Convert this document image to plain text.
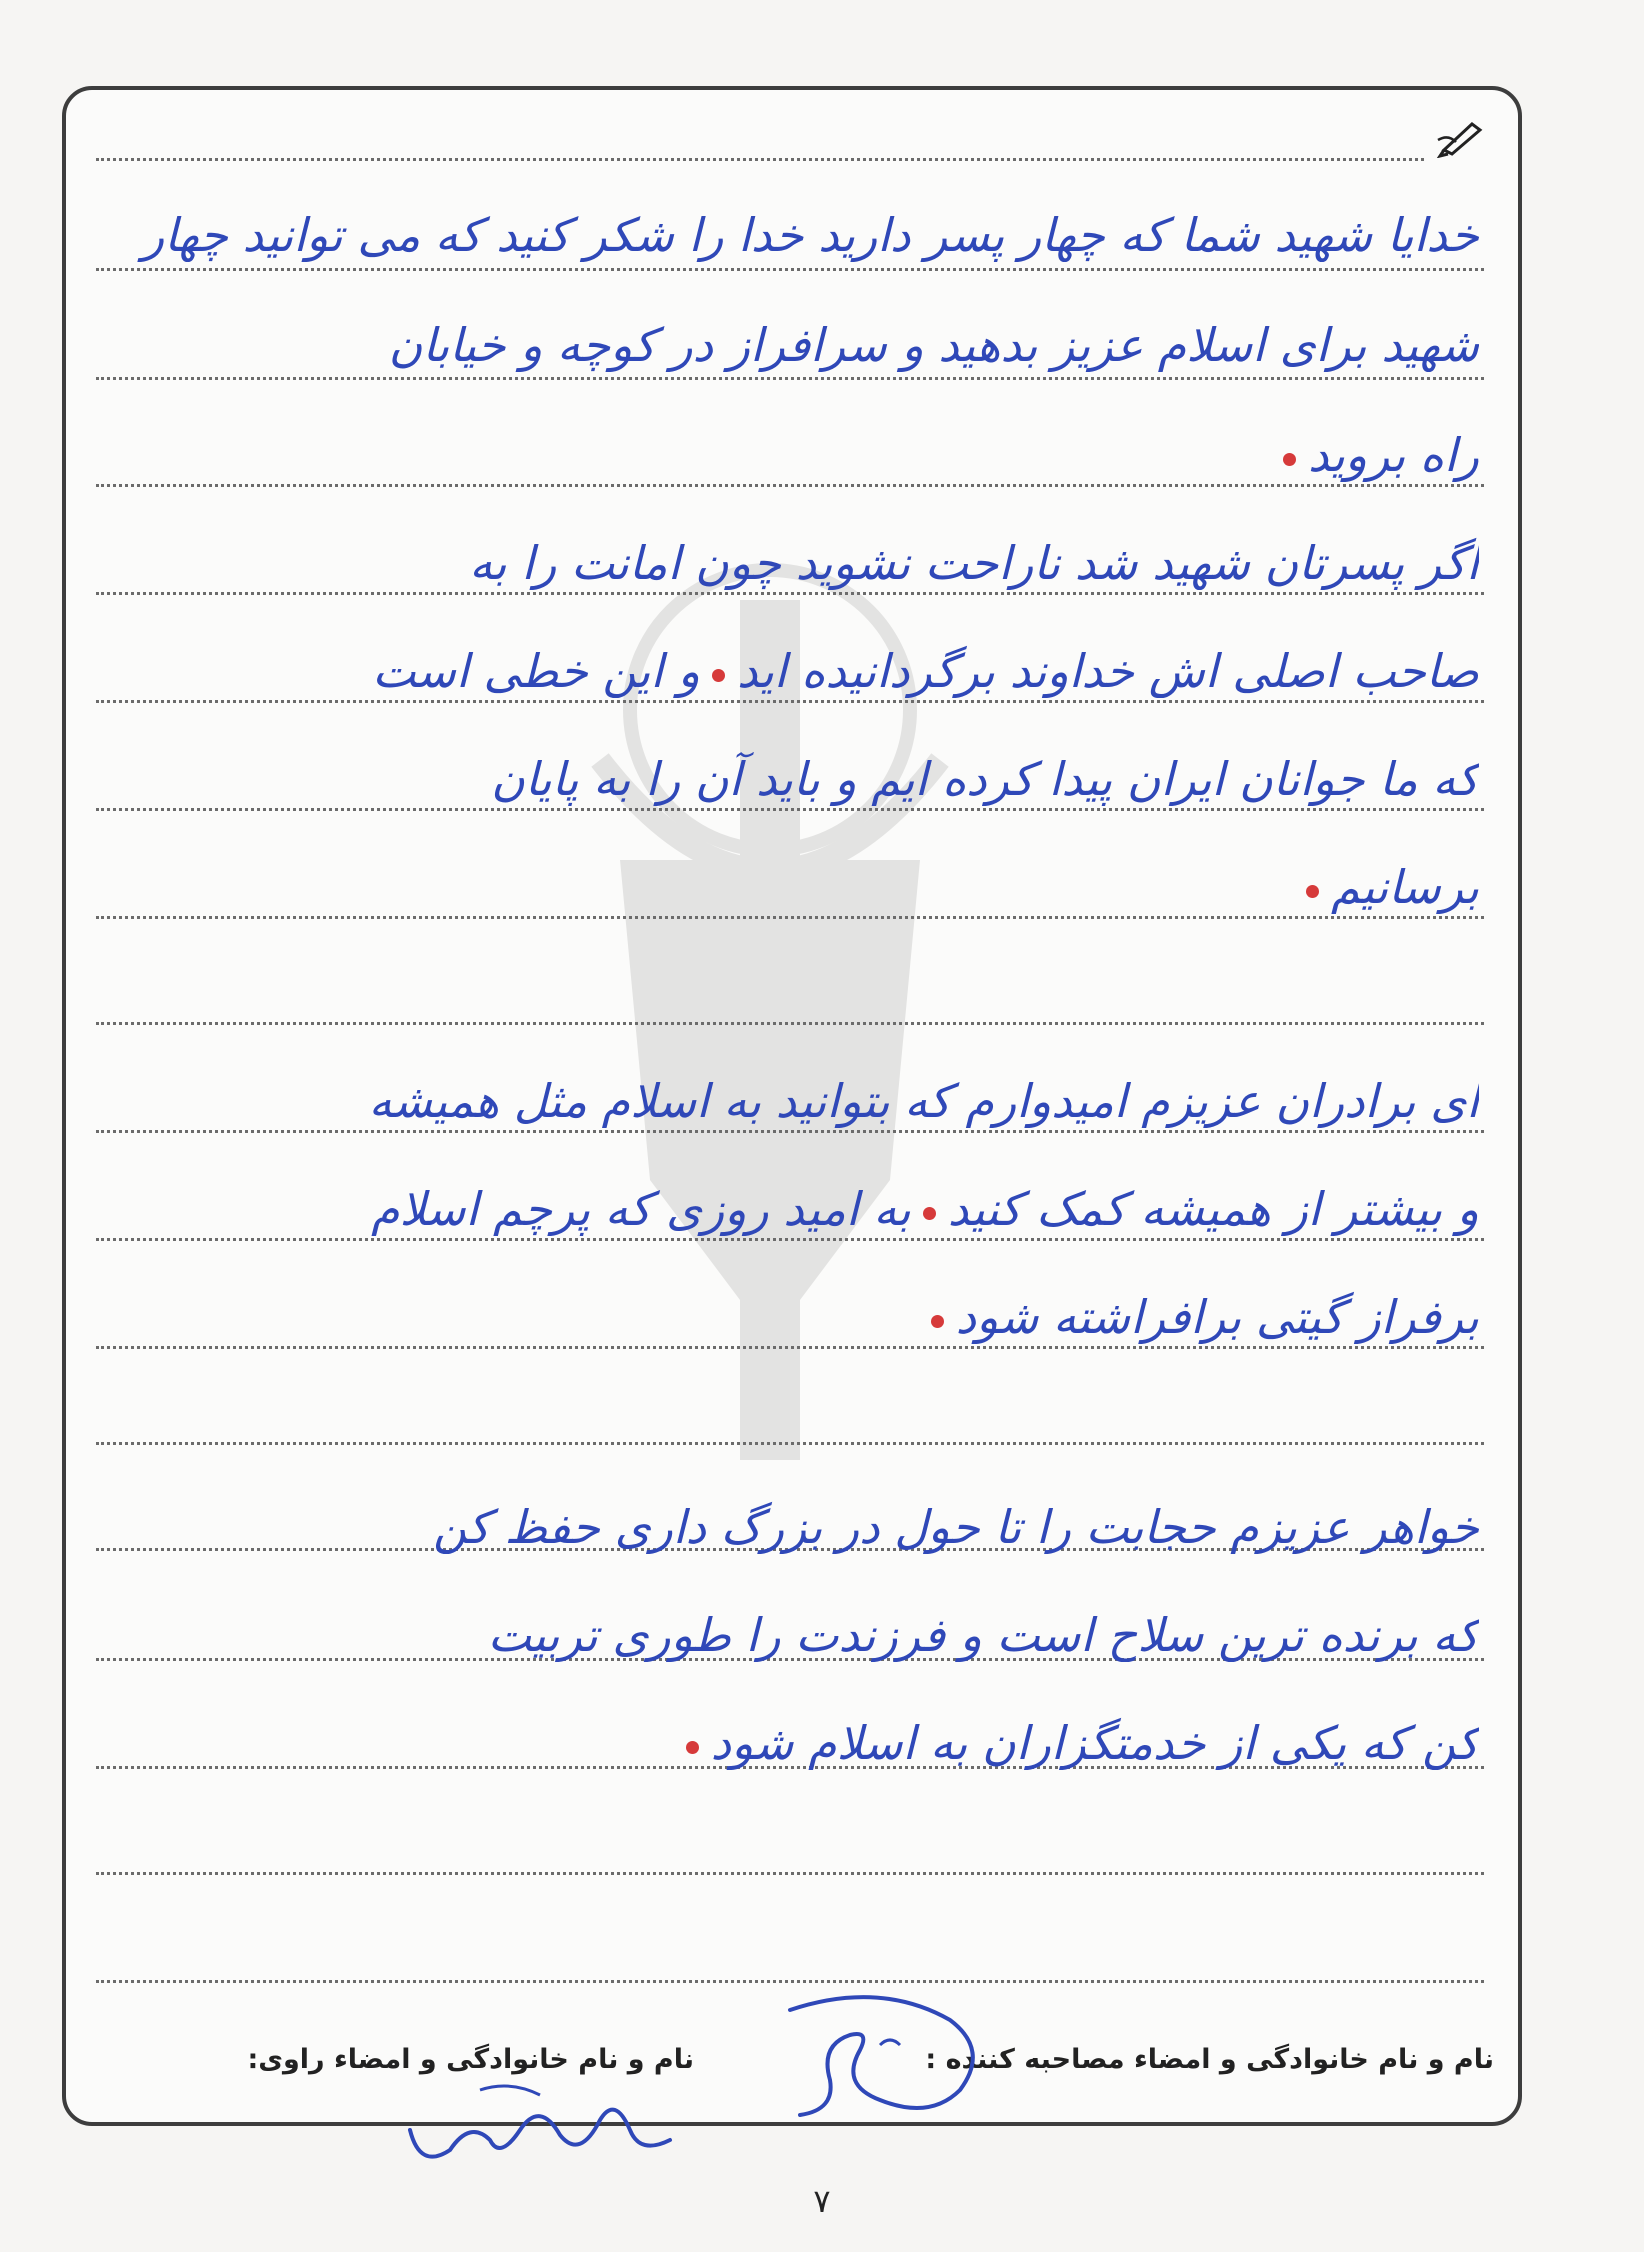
خدایا شهید شما که چهار پسر دارید خدا را شکر کنید که می توانید چهار
شهید برای اسلام عزیز بدهید و سرافراز در کوچه و خیابان
راه بروید
اگر پسرتان شهید شد ناراحت نشوید چون امانت را به
صاحب اصلی اش خداوند برگردانیده ایدو این خطی است
که ما جوانان ایران پیدا کرده ایم و باید آن را به پایان
برسانیم
ای برادران عزیزم امیدوارم که بتوانید به اسلام مثل همیشه
و بیشتر از همیشه کمک کنیدبه امید روزی که پرچم اسلام
برفراز گیتی برافراشته شود
خواهر عزیزم حجابت را تا حول در بزرگ داری حفظ کن
که برنده ترین سلاح است و فرزندت را طوری تربیت
کن که یکی از خدمتگزاران به اسلام شود
نام و نام خانوادگی و امضاء مصاحبه کننده :
نام و نام خانوادگی و امضاء راوی:
۷
